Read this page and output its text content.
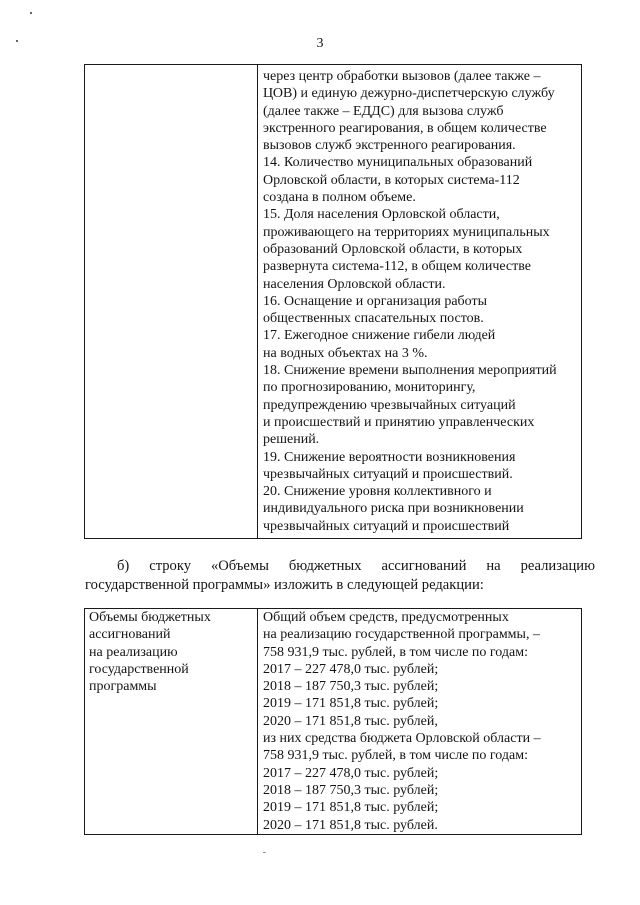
3
через центр обработки вызовов (далее также –
ЦОВ) и единую дежурно-диспетчерскую службу
(далее также – ЕДДС) для вызова служб
экстренного реагирования, в общем количестве
вызовов служб экстренного реагирования.
14. Количество муниципальных образований
Орловской области, в которых система-112
создана в полном объеме.
15. Доля населения Орловской области,
проживающего на территориях муниципальных
образований Орловской области, в которых
развернута система-112, в общем количестве
населения Орловской области.
16. Оснащение и организация работы
общественных спасательных постов.
17. Ежегодное снижение гибели людей
на водных объектах на 3 %.
18. Снижение времени выполнения мероприятий
по прогнозированию, мониторингу,
предупреждению чрезвычайных ситуаций
и происшествий и принятию управленческих
решений.
19. Снижение вероятности возникновения
чрезвычайных ситуаций и происшествий.
20. Снижение уровня коллективного и
индивидуального риска при возникновении
чрезвычайных ситуаций и происшествий
б) строку «Объемы бюджетных ассигнований на реализацию
государственной программы» изложить в следующей редакции:
Объемы бюджетных
ассигнований
на реализацию
государственной
программы
Общий объем средств, предусмотренных
на реализацию государственной программы, –
758 931,9 тыс. рублей, в том числе по годам:
2017 – 227 478,0 тыс. рублей;
2018 – 187 750,3 тыс. рублей;
2019 – 171 851,8 тыс. рублей;
2020 – 171 851,8 тыс. рублей,
из них средства бюджета Орловской области –
758 931,9 тыс. рублей, в том числе по годам:
2017 – 227 478,0 тыс. рублей;
2018 – 187 750,3 тыс. рублей;
2019 – 171 851,8 тыс. рублей;
2020 – 171 851,8 тыс. рублей.
